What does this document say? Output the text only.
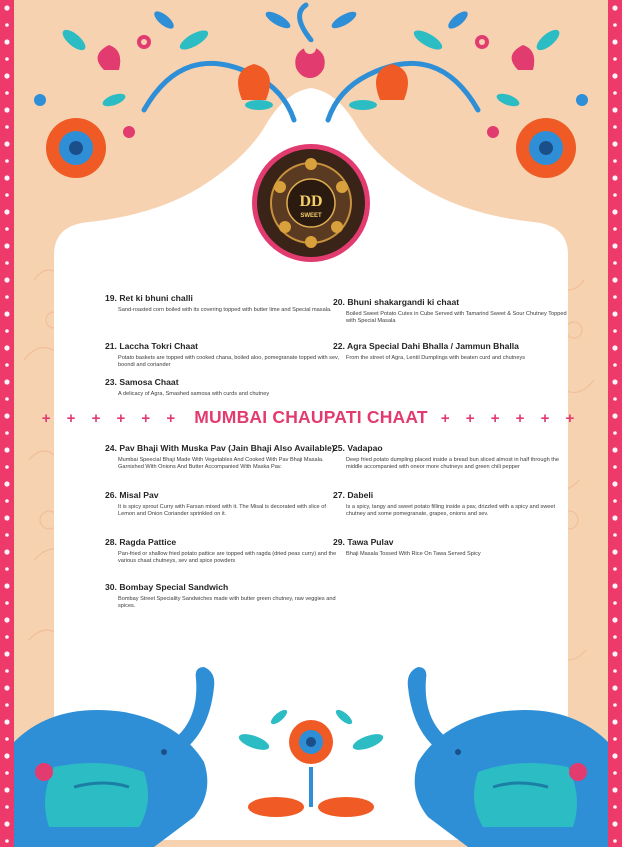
DD
SWEET
19. Ret ki bhuni challi
Sand-roasted corn boiled with its covering topped with butter lime and Special masala.
20. Bhuni shakargandi ki chaat
Boiled Sweet Potato Cutes in Cube Served with Tamarind Sweet & Sour Chutney Topped with Special Masala
21. Laccha Tokri Chaat
Potato baskets are topped with cooked chana, boiled aloo, pomegranate topped with sev, boondi and coriander
22. Agra Special Dahi Bhalla / Jammun Bhalla
From the street of Agra, Lentil Dumplings with beaten curd and chutneys
23. Samosa Chaat
A delicacy of Agra, Smashed samosa with curds and chutney
+ + + + + + MUMBAI CHAUPATI CHAAT + + + + + +
24. Pav Bhaji With Muska Pav (Jain Bhaji Also Available)
Mumbai Speecial Bhaji Made With Vegetables And Cooked With Pav Bhaji Masala. Garnished With Onions And Butter Accompanied With Maska Pav.
25. Vadapao
Deep fried potato dumpling placed inside a bread bun sliced almost in half through the middle accompanied with oneor more chutneys and green chili pepper
26. Misal Pav
It is spicy sprout Curry with Farsan mixed with it. The Misal is decorated with slice of Lemon and Onion Coriander sprinkled on it.
27. Dabeli
Is a spicy, tangy and sweet potato filling inside a pav, drizzled with a spicy and sweet chutney and some pomegranate, grapes, onions and sev.
28. Ragda Pattice
Pan-fried or shallow fried potato pattice are topped with ragda (dried peas curry) and the various chaat chutneys, sev and spice powders
29. Tawa Pulav
Bhaji Masala Tossed With Rice On Tawa Served Spicy
30. Bombay Special Sandwich
Bombay Street Speciality Sandwiches made with butter green chutney, raw veggies and spices.
